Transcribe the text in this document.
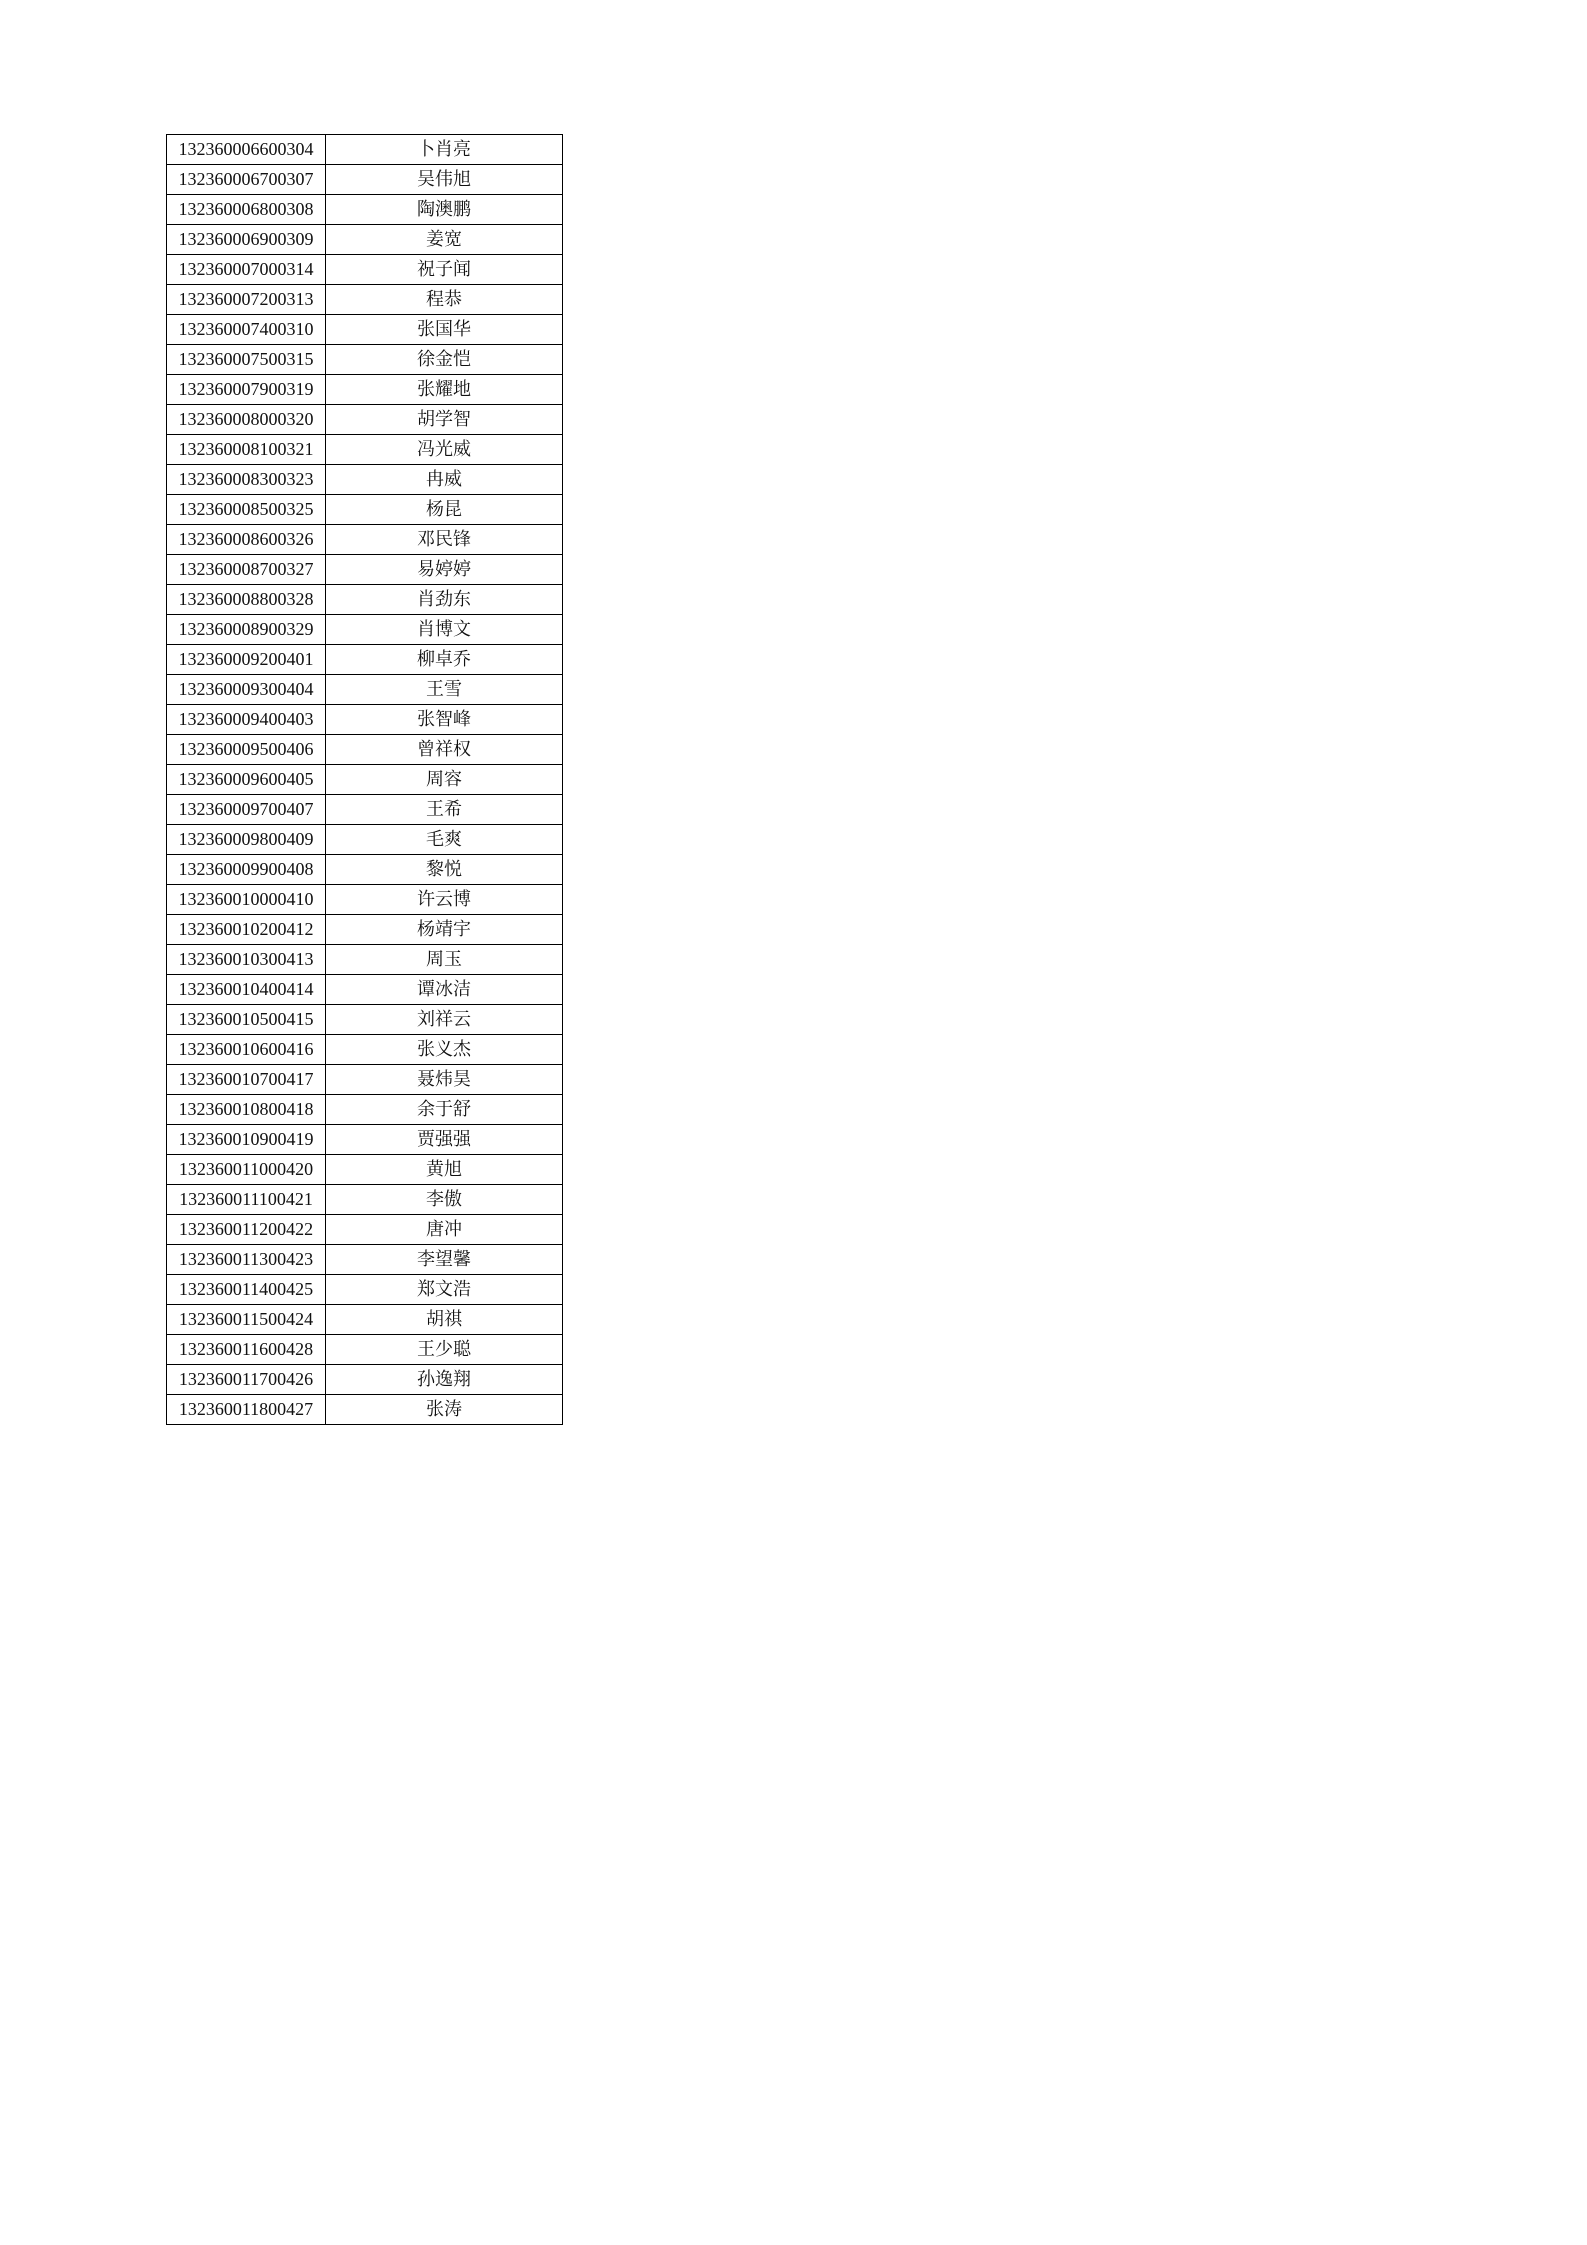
132360006600304	卜肖亮
132360006700307	吴伟旭
132360006800308	陶澳鹏
132360006900309	姜宽
132360007000314	祝子闻
132360007200313	程恭
132360007400310	张国华
132360007500315	徐金恺
132360007900319	张耀地
132360008000320	胡学智
132360008100321	冯光威
132360008300323	冉威
132360008500325	杨昆
132360008600326	邓民锋
132360008700327	易婷婷
132360008800328	肖劲东
132360008900329	肖博文
132360009200401	柳卓乔
132360009300404	王雪
132360009400403	张智峰
132360009500406	曾祥权
132360009600405	周容
132360009700407	王希
132360009800409	毛爽
132360009900408	黎悦
132360010000410	许云博
132360010200412	杨靖宇
132360010300413	周玉
132360010400414	谭冰洁
132360010500415	刘祥云
132360010600416	张义杰
132360010700417	聂炜昊
132360010800418	余于舒
132360010900419	贾强强
132360011000420	黄旭
132360011100421	李傲
132360011200422	唐冲
132360011300423	李望馨
132360011400425	郑文浩
132360011500424	胡祺
132360011600428	王少聪
132360011700426	孙逸翔
132360011800427	张涛
